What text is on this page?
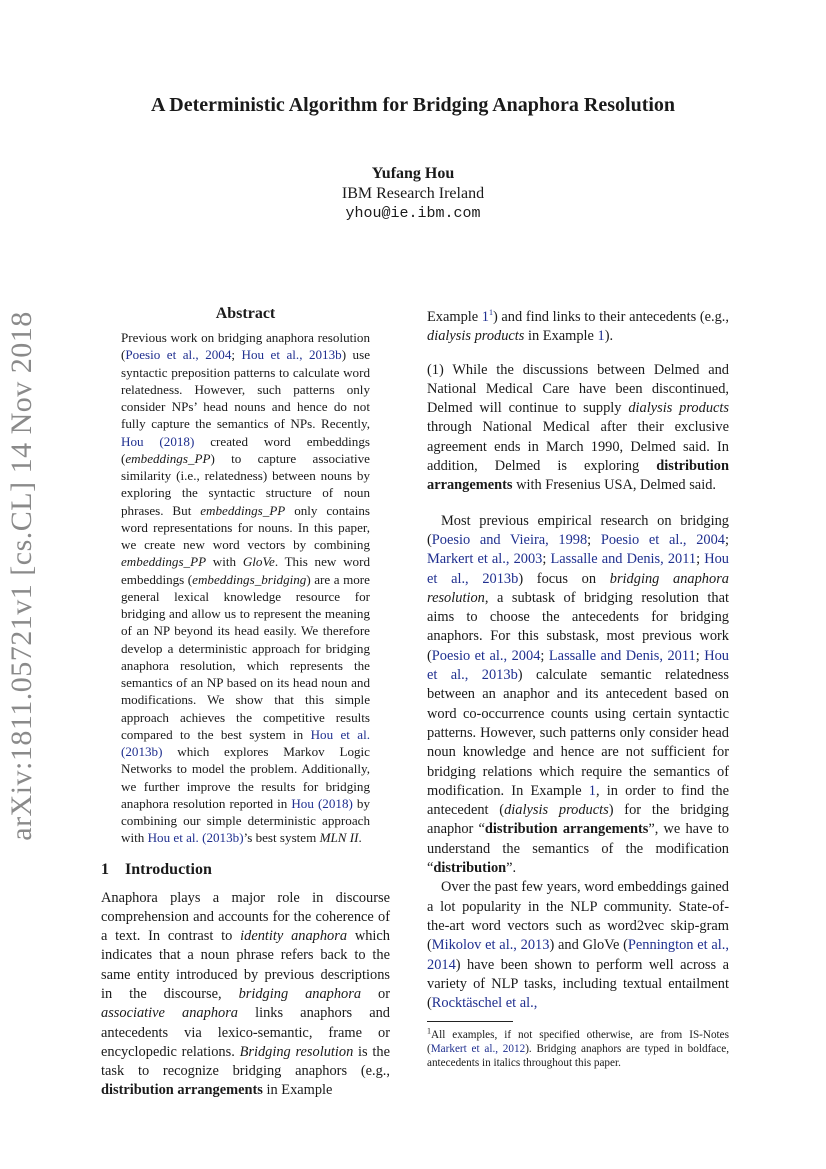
arXiv:1811.05721v1 [cs.CL] 14 Nov 2018
A Deterministic Algorithm for Bridging Anaphora Resolution
Yufang Hou
IBM Research Ireland
yhou@ie.ibm.com
Abstract
Previous work on bridging anaphora resolution (Poesio et al., 2004; Hou et al., 2013b) use syntactic preposition patterns to calculate word relatedness. However, such patterns only consider NPs’ head nouns and hence do not fully capture the semantics of NPs. Recently, Hou (2018) created word embeddings (embeddings_PP) to capture associative similarity (i.e., relatedness) between nouns by exploring the syntactic structure of noun phrases. But embeddings_PP only contains word representations for nouns. In this paper, we create new word vectors by combining embeddings_PP with GloVe. This new word embeddings (embeddings_bridging) are a more general lexical knowledge resource for bridging and allow us to represent the meaning of an NP beyond its head easily. We therefore develop a deterministic approach for bridging anaphora resolution, which represents the semantics of an NP based on its head noun and modifications. We show that this simple approach achieves the competitive results compared to the best system in Hou et al. (2013b) which explores Markov Logic Networks to model the problem. Additionally, we further improve the results for bridging anaphora resolution reported in Hou (2018) by combining our simple deterministic approach with Hou et al. (2013b)’s best system MLN II.
1 Introduction

Anaphora plays a major role in discourse comprehension and accounts for the coherence of a text. In contrast to identity anaphora which indicates that a noun phrase refers back to the same entity introduced by previous descriptions in the discourse, bridging anaphora or associative anaphora links anaphors and antecedents via lexico-semantic, frame or encyclopedic relations. Bridging resolution is the task to recognize bridging anaphors (e.g., distribution arrangements in Example

Example 1$^1$) and find links to their antecedents (e.g., dialysis products in Example 1).

(1) While the discussions between Delmed and National Medical Care have been discontinued, Delmed will continue to supply dialysis products through National Medical after their exclusive agreement ends in March 1990, Delmed said. In addition, Delmed is exploring distribution arrangements with Fresenius USA, Delmed said.

Most previous empirical research on bridging (Poesio and Vieira, 1998; Poesio et al., 2004; Markert et al., 2003; Lassalle and Denis, 2011; Hou et al., 2013b) focus on bridging anaphora resolution, a subtask of bridging resolution that aims to choose the antecedents for bridging anaphors. For this substask, most previous work (Poesio et al., 2004; Lassalle and Denis, 2011; Hou et al., 2013b) calculate semantic relatedness between an anaphor and its antecedent based on word co-occurrence counts using certain syntactic patterns. However, such patterns only consider head noun knowledge and hence are not sufficient for bridging relations which require the semantics of modification. In Example 1, in order to find the antecedent (dialysis products) for the bridging anaphor “distribution arrangements”, we have to understand the semantics of the modification “distribution”.

Over the past few years, word embeddings gained a lot popularity in the NLP community. State-of-the-art word vectors such as word2vec skip-gram (Mikolov et al., 2013) and GloVe (Pennington et al., 2014) have been shown to perform well across a variety of NLP tasks, including textual entailment (Rocktäschel et al.,

$^1$All examples, if not specified otherwise, are from IS-Notes (Markert et al., 2012). Bridging anaphors are typed in boldface, antecedents in italics throughout this paper.
